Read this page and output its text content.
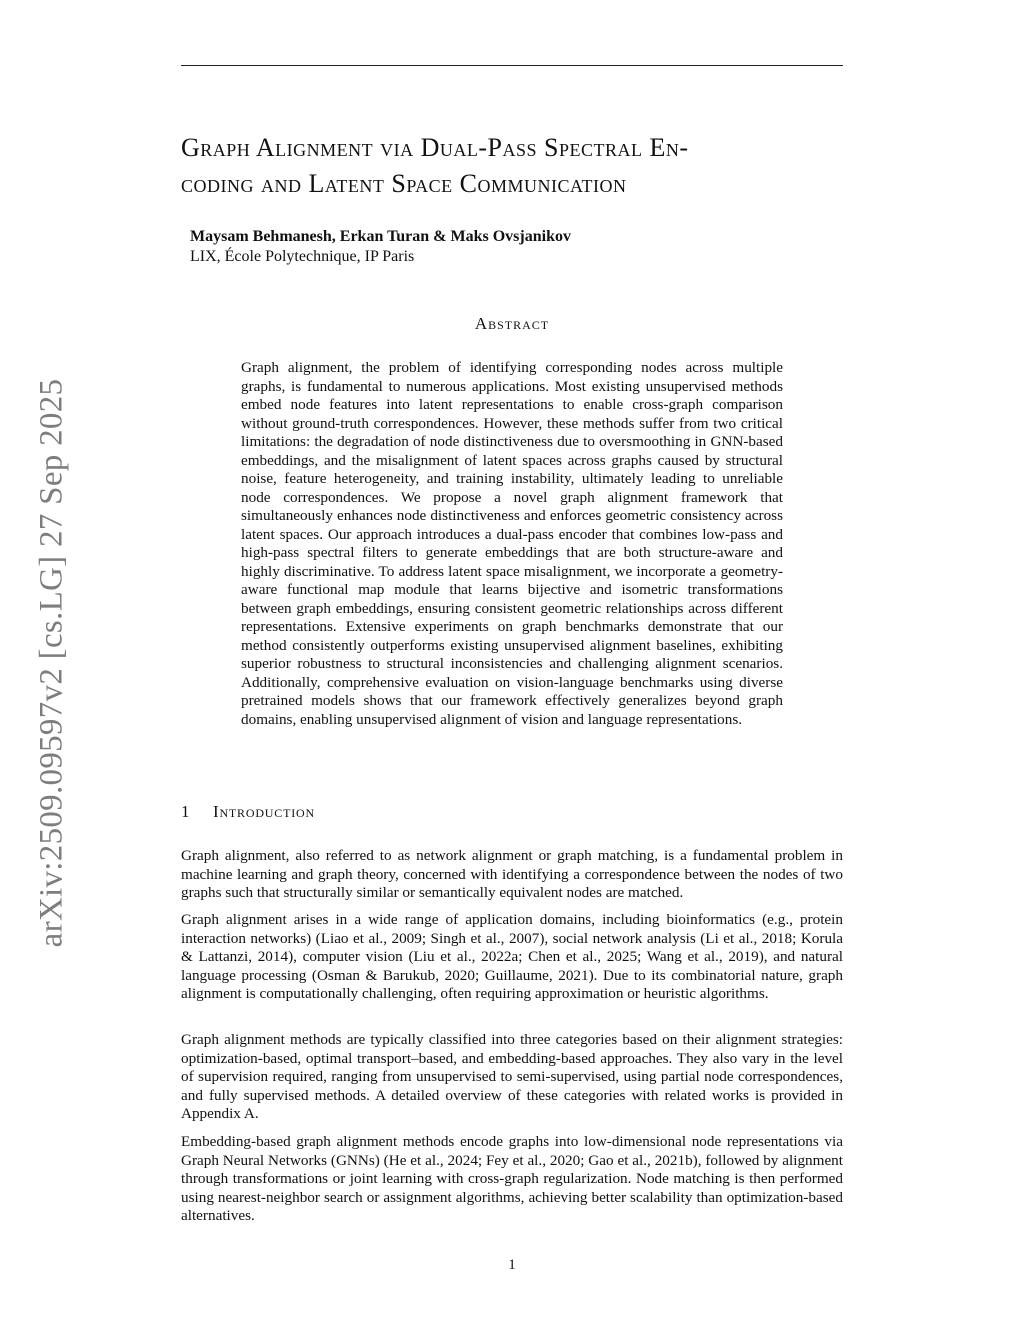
Graph Alignment via Dual-Pass Spectral En-
coding and Latent Space Communication
Maysam Behmanesh, Erkan Turan & Maks Ovsjanikov
LIX, École Polytechnique, IP Paris
Abstract

Graph alignment, the problem of identifying corresponding nodes across multiple graphs, is fundamental to numerous applications. Most existing unsupervised methods embed node features into latent representations to enable cross-graph comparison without ground-truth correspondences. However, these methods suffer from two critical limitations: the degradation of node distinctiveness due to oversmoothing in GNN-based embeddings, and the misalignment of latent spaces across graphs caused by structural noise, feature heterogeneity, and training instability, ultimately leading to unreliable node correspondences. We propose a novel graph alignment framework that simultaneously enhances node distinctiveness and enforces geometric consistency across latent spaces. Our approach introduces a dual-pass encoder that combines low-pass and high-pass spectral filters to generate embeddings that are both structure-aware and highly discriminative. To address latent space misalignment, we incorporate a geometry-aware functional map module that learns bijective and isometric transformations between graph embeddings, ensuring consistent geometric relationships across different representations. Extensive experiments on graph benchmarks demonstrate that our method consistently outperforms existing unsupervised alignment baselines, exhibiting superior robustness to structural inconsistencies and challenging alignment scenarios. Additionally, comprehensive evaluation on vision-language benchmarks using diverse pretrained models shows that our framework effectively generalizes beyond graph domains, enabling unsupervised alignment of vision and language representations.

arXiv:2509.09597v2 [cs.LG] 27 Sep 2025	1 Introduction

Graph alignment, also referred to as network alignment or graph matching, is a fundamental problem in machine learning and graph theory, concerned with identifying a correspondence between the nodes of two graphs such that structurally similar or semantically equivalent nodes are matched.

Graph alignment arises in a wide range of application domains, including bioinformatics (e.g., protein interaction networks) (Liao et al., 2009; Singh et al., 2007), social network analysis (Li et al., 2018; Korula & Lattanzi, 2014), computer vision (Liu et al., 2022a; Chen et al., 2025; Wang et al., 2019), and natural language processing (Osman & Barukub, 2020; Guillaume, 2021). Due to its combinatorial nature, graph alignment is computationally challenging, often requiring approximation or heuristic algorithms.

Graph alignment methods are typically classified into three categories based on their alignment strategies: optimization-based, optimal transport–based, and embedding-based approaches. They also vary in the level of supervision required, ranging from unsupervised to semi-supervised, using partial node correspondences, and fully supervised methods. A detailed overview of these categories with related works is provided in Appendix A.

Embedding-based graph alignment methods encode graphs into low-dimensional node representations via Graph Neural Networks (GNNs) (He et al., 2024; Fey et al., 2020; Gao et al., 2021b), followed by alignment through transformations or joint learning with cross-graph regularization. Node matching is then performed using nearest-neighbor search or assignment algorithms, achieving better scalability than optimization-based alternatives.

1
